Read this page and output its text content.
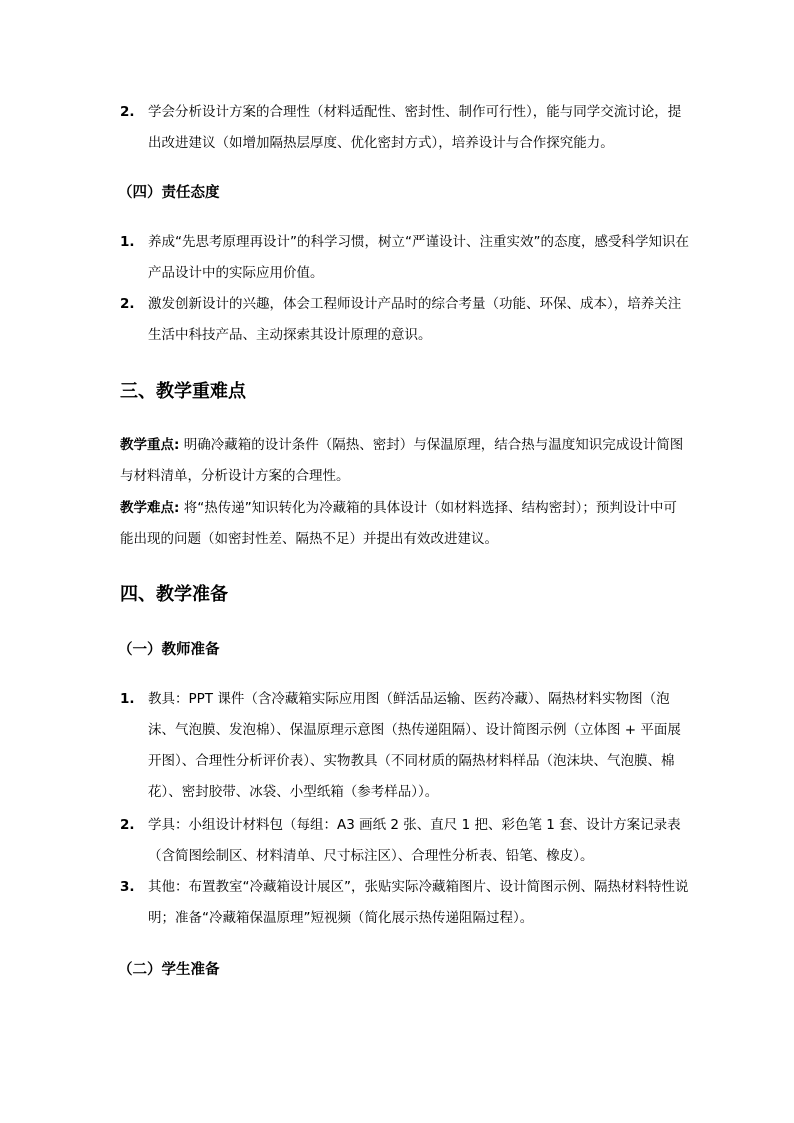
2. 学会分析设计方案的合理性（材料适配性、密封性、制作可行性），能与同学交流讨论，提出改进建议（如增加隔热层厚度、优化密封方式），培养设计与合作探究能力。
（四）责任态度
1. 养成“先思考原理再设计”的科学习惯，树立“严谨设计、注重实效”的态度，感受科学知识在产品设计中的实际应用价值。
2. 激发创新设计的兴趣，体会工程师设计产品时的综合考量（功能、环保、成本），培养关注生活中科技产品、主动探索其设计原理的意识。
三、教学重难点
教学重点: 明确冷藏箱的设计条件（隔热、密封）与保温原理，结合热与温度知识完成设计简图与材料清单，分析设计方案的合理性。
教学难点: 将“热传递”知识转化为冷藏箱的具体设计（如材料选择、结构密封）；预判设计中可能出现的问题（如密封性差、隔热不足）并提出有效改进建议。
四、教学准备
（一）教师准备
1. 教具：PPT 课件（含冷藏箱实际应用图（鲜活品运输、医药冷藏）、隔热材料实物图（泡沫、气泡膜、发泡棉）、保温原理示意图（热传递阻隔）、设计简图示例（立体图 + 平面展开图）、合理性分析评价表）、实物教具（不同材质的隔热材料样品（泡沫块、气泡膜、棉花）、密封胶带、冰袋、小型纸箱（参考样品））。
2. 学具：小组设计材料包（每组：A3 画纸 2 张、直尺 1 把、彩色笔 1 套、设计方案记录表（含简图绘制区、材料清单、尺寸标注区）、合理性分析表、铅笔、橡皮）。
3. 其他：布置教室“冷藏箱设计展区”，张贴实际冷藏箱图片、设计简图示例、隔热材料特性说明；准备“冷藏箱保温原理”短视频（简化展示热传递阻隔过程）。
（二）学生准备
